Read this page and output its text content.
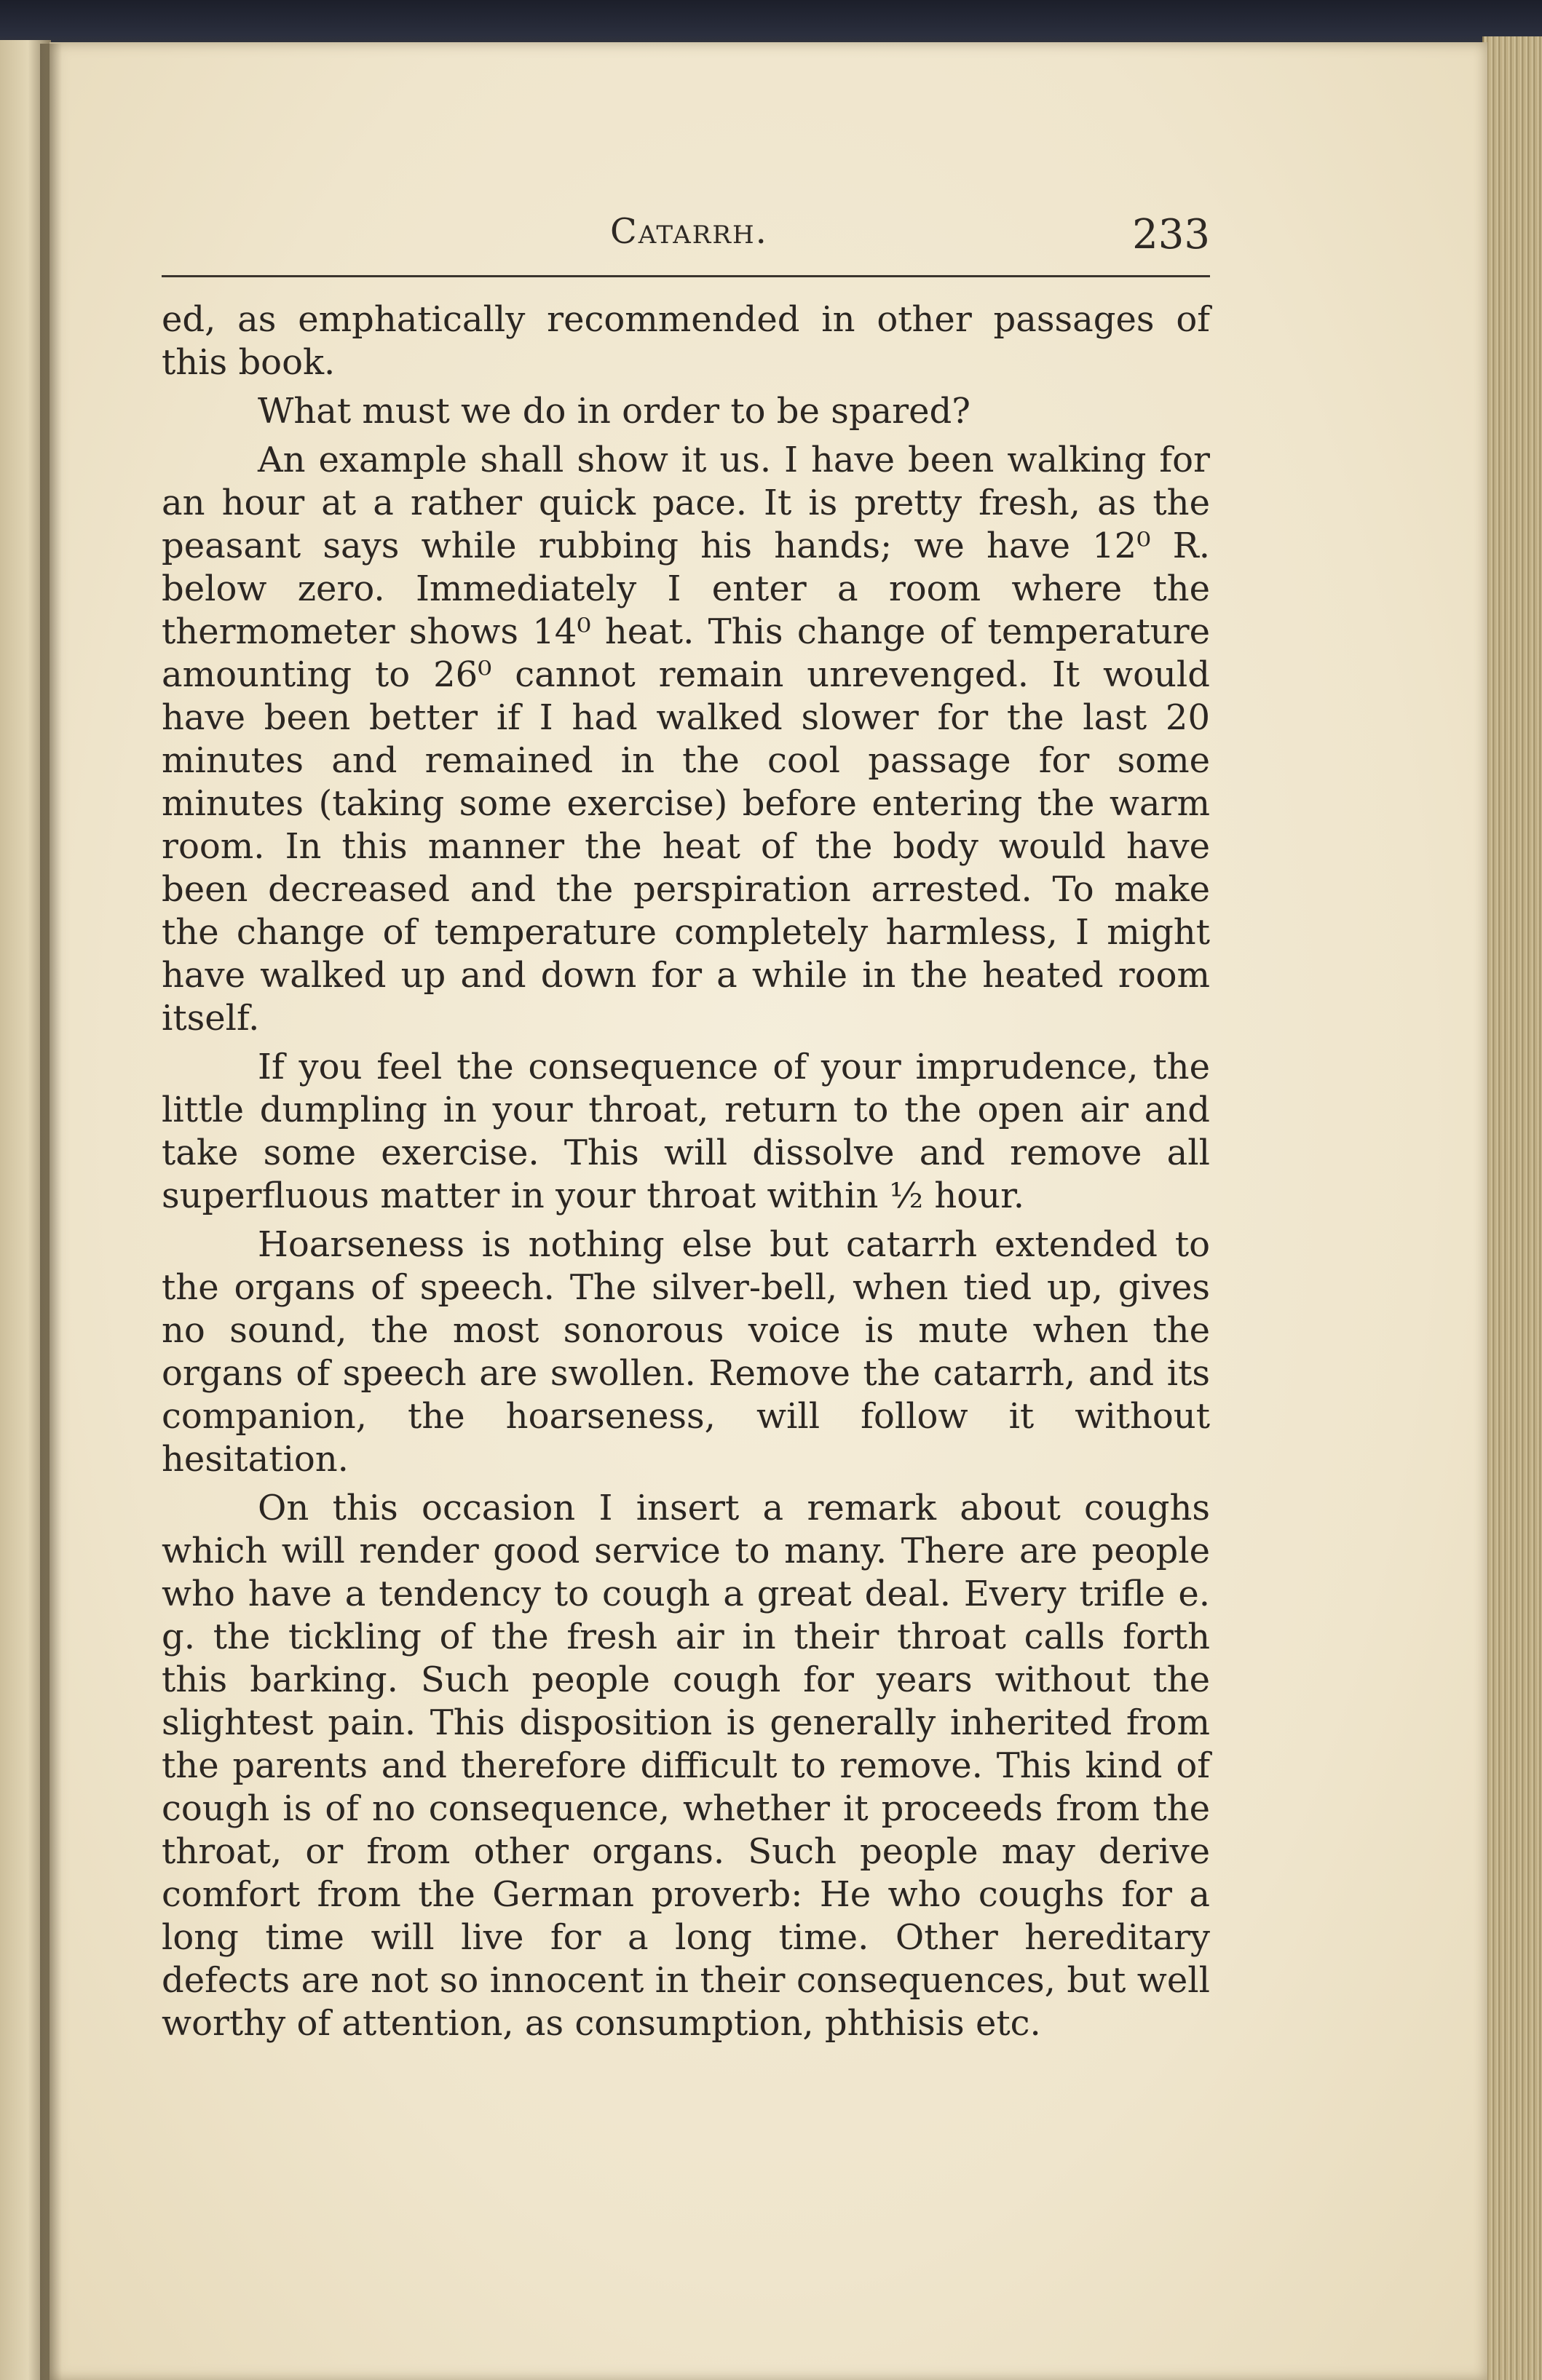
Catarrh.	233

ed, as emphatically recommended in other passages of this book.

What must we do in order to be spared?

An example shall show it us. I have been walking for an hour at a rather quick pace. It is pretty fresh, as the peasant says while rubbing his hands; we have 12⁰ R. below zero. Immediately I enter a room where the thermometer shows 14⁰ heat. This change of temperature amounting to 26⁰ cannot remain unrevenged. It would have been better if I had walked slower for the last 20 minutes and remained in the cool passage for some minutes (taking some exercise) before entering the warm room. In this manner the heat of the body would have been decreased and the perspiration arrested. To make the change of temperature completely harmless, I might have walked up and down for a while in the heated room itself.

If you feel the consequence of your imprudence, the little dumpling in your throat, return to the open air and take some exercise. This will dissolve and remove all superfluous matter in your throat within ½ hour.

Hoarseness is nothing else but catarrh extended to the organs of speech. The silver-bell, when tied up, gives no sound, the most sonorous voice is mute when the organs of speech are swollen. Remove the catarrh, and its companion, the hoarseness, will follow it without hesitation.

On this occasion I insert a remark about coughs which will render good service to many. There are people who have a tendency to cough a great deal. Every trifle e. g. the tickling of the fresh air in their throat calls forth this barking. Such people cough for years without the slightest pain. This disposition is generally inherited from the parents and therefore difficult to remove. This kind of cough is of no consequence, whether it proceeds from the throat, or from other organs. Such people may derive comfort from the German proverb: He who coughs for a long time will live for a long time. Other hereditary defects are not so innocent in their consequences, but well worthy of attention, as consumption, phthisis etc.
